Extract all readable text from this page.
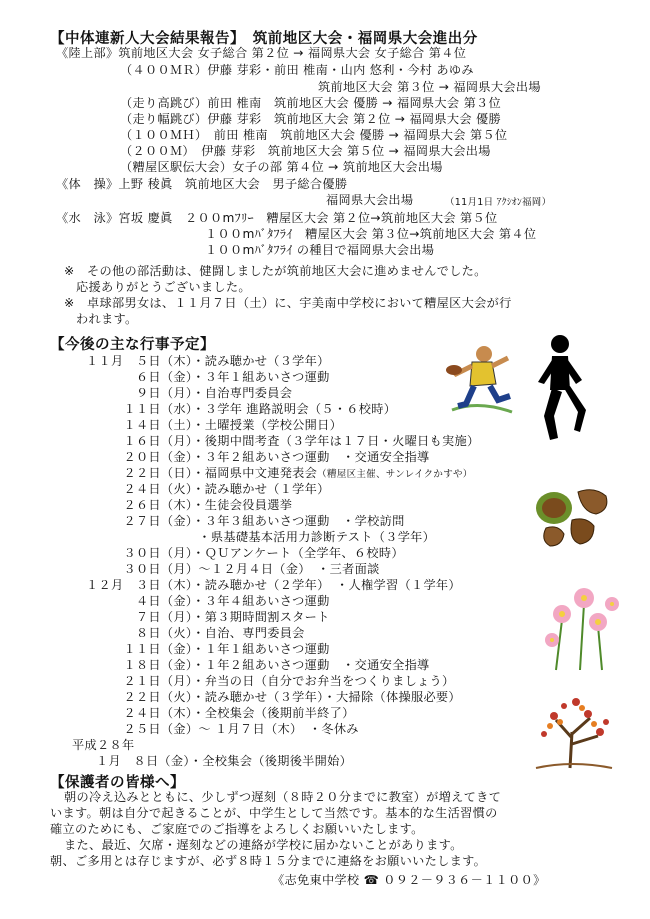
【中体連新人大会結果報告】　筑前地区大会・福岡県大会進出分
《陸上部》筑前地区大会 女子総合 第２位 → 福岡県大会 女子総合 第４位
（４００ＭＲ）伊藤 芽彩・前田 椎南・山内 悠利・今村 あゆみ
筑前地区大会 第３位 → 福岡県大会出場
（走り高跳び）前田 椎南　筑前地区大会 優勝 → 福岡県大会 第３位
（走り幅跳び）伊藤 芽彩　筑前地区大会 第２位 → 福岡県大会 優勝
（１００ＭＨ）　前田 椎南　筑前地区大会 優勝 → 福岡県大会 第５位
（２００Ｍ）　伊藤 芽彩　筑前地区大会 第５位 → 福岡県大会出場
（糟屋区駅伝大会）女子の部 第４位 → 筑前地区大会出場
《体　操》上野 稜眞　筑前地区大会　男子総合優勝
福岡県大会出場	（11月1日 ｱｸｼｵﾝ福岡）
《水　泳》宮坂 慶眞　２００mﾌﾘｰ　糟屋区大会 第２位→筑前地区大会 第５位
１００mﾊﾞﾀﾌﾗｲ　糟屋区大会 第３位→筑前地区大会 第４位
１００mﾊﾞﾀﾌﾗｲ の種目で福岡県大会出場
※　その他の部活動は、健闘しましたが筑前地区大会に進めませんでした。
応援ありがとうございました。
※　卓球部男女は、１１月７日（土）に、宇美南中学校において糟屋区大会が行
われます。
【今後の主な行事予定】
１１月　５日（木）・読み聴かせ（３学年）
　　　　６日（金）・３年１組あいさつ運動
　　　　９日（月）・自治専門委員会
　　　１１日（水）・３学年 進路説明会（５・６校時）
　　　１４日（土）・土曜授業（学校公開日）
　　　１６日（月）・後期中間考査（３学年は１７日・火曜日も実施）
　　　２０日（金）・３年２組あいさつ運動　・交通安全指導
　　　２２日（日）・福岡県中文連発表会（糟屋区主催、サンレイクかすや）
　　　２４日（火）・読み聴かせ（１学年）
　　　２６日（木）・生徒会役員選挙
　　　２７日（金）・３年３組あいさつ運動　・学校訪問
　　　　　　　　　・県基礎基本活用力診断テスト（３学年）
　　　３０日（月）・ＱＵアンケート（全学年、６校時）
　　　３０日（月）～１２月４日（金）　・三者面談
１２月　３日（木）・読み聴かせ（２学年）　・人権学習（１学年）
　　　　４日（金）・３年４組あいさつ運動
　　　　７日（月）・第３期時間割スタート
　　　　８日（火）・自治、専門委員会
　　　１１日（金）・１年１組あいさつ運動
　　　１８日（金）・１年２組あいさつ運動　・交通安全指導
　　　２１日（月）・弁当の日（自分でお弁当をつくりましょう）
　　　２２日（火）・読み聴かせ（３学年）・大掃除（体操服必要）
　　　２４日（木）・全校集会（後期前半終了）
　　　２５日（金）～ １月７日（木）　・冬休み
平成２８年
１月　８日（金）・全校集会（後期後半開始）
【保護者の皆様へ】
朝の冷え込みとともに、少しずつ遅刻（８時２０分までに教室）が増えてきて
います。朝は自分で起きることが、中学生として当然です。基本的な生活習慣の
確立のためにも、ご家庭でのご指導をよろしくお願いいたします。
また、最近、欠席・遅刻などの連絡が学校に届かないことがあります。
朝、ご多用とは存じますが、必ず８時１５分までに連絡をお願いいたします。
《志免東中学校 ☎ ０９２－９３６－１１００》
